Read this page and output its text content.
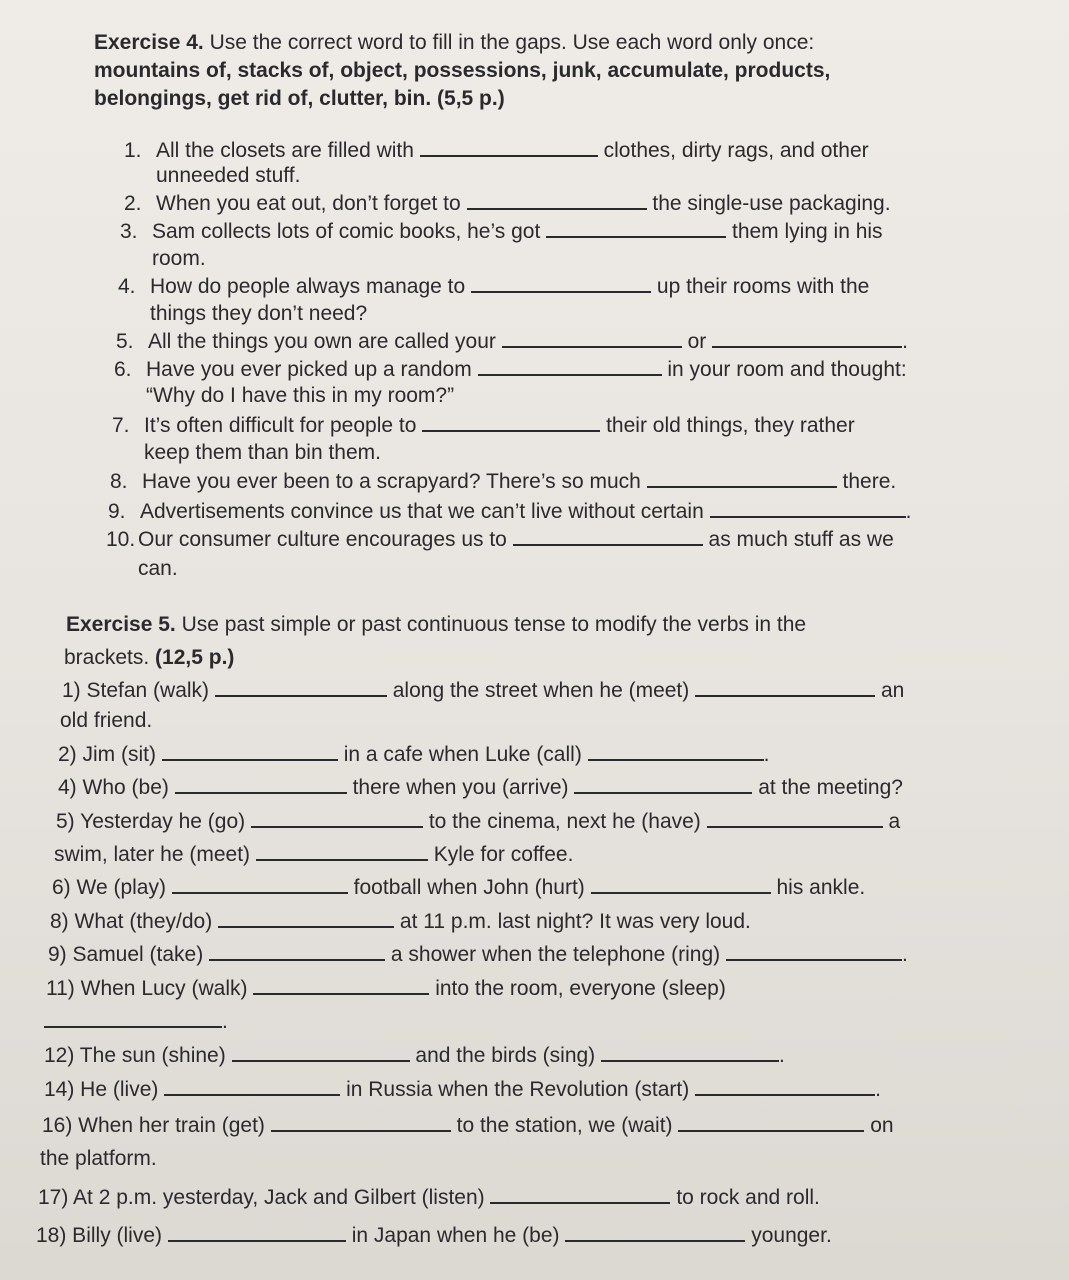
Exercise 4. Use the correct word to fill in the gaps. Use each word only once:
mountains of, stacks of, object, possessions, junk, accumulate, products,
belongings, get rid of, clutter, bin. (5,5 p.)
1. All the closets are filled with	clothes, dirty rags, and other
unneeded stuff.
2. When you eat out, don’t forget to	the single-use packaging.
3. Sam collects lots of comic books, he’s got	them lying in his
room.
4. How do people always manage to	up their rooms with the
things they don’t need?
5. All the things you own are called your	or	.
6. Have you ever picked up a random	in your room and thought:
“Why do I have this in my room?”
7. It’s often difficult for people to	their old things, they rather
keep them than bin them.
8. Have you ever been to a scrapyard? There’s so much	there.
9. Advertisements convince us that we can’t live without certain	.
10. Our consumer culture encourages us to	as much stuff as we
can.
Exercise 5. Use past simple or past continuous tense to modify the verbs in the
brackets. (12,5 p.)
1) Stefan (walk)	along the street when he (meet)	an
old friend.
2) Jim (sit)	in a cafe when Luke (call)	.
4) Who (be)	there when you (arrive)	at the meeting?
5) Yesterday he (go)	to the cinema, next he (have)	a
swim, later he (meet)	Kyle for coffee.
6) We (play)	football when John (hurt)	his ankle.
8) What (they/do)	at 11 p.m. last night? It was very loud.
9) Samuel (take)	a shower when the telephone (ring)	.
11) When Lucy (walk)	into the room, everyone (sleep)
.
12) The sun (shine)	and the birds (sing)	.
14) He (live)	in Russia when the Revolution (start)	.
16) When her train (get)	to the station, we (wait)	on
the platform.
17) At 2 p.m. yesterday, Jack and Gilbert (listen)	to rock and roll.
18) Billy (live)	in Japan when he (be)	younger.
